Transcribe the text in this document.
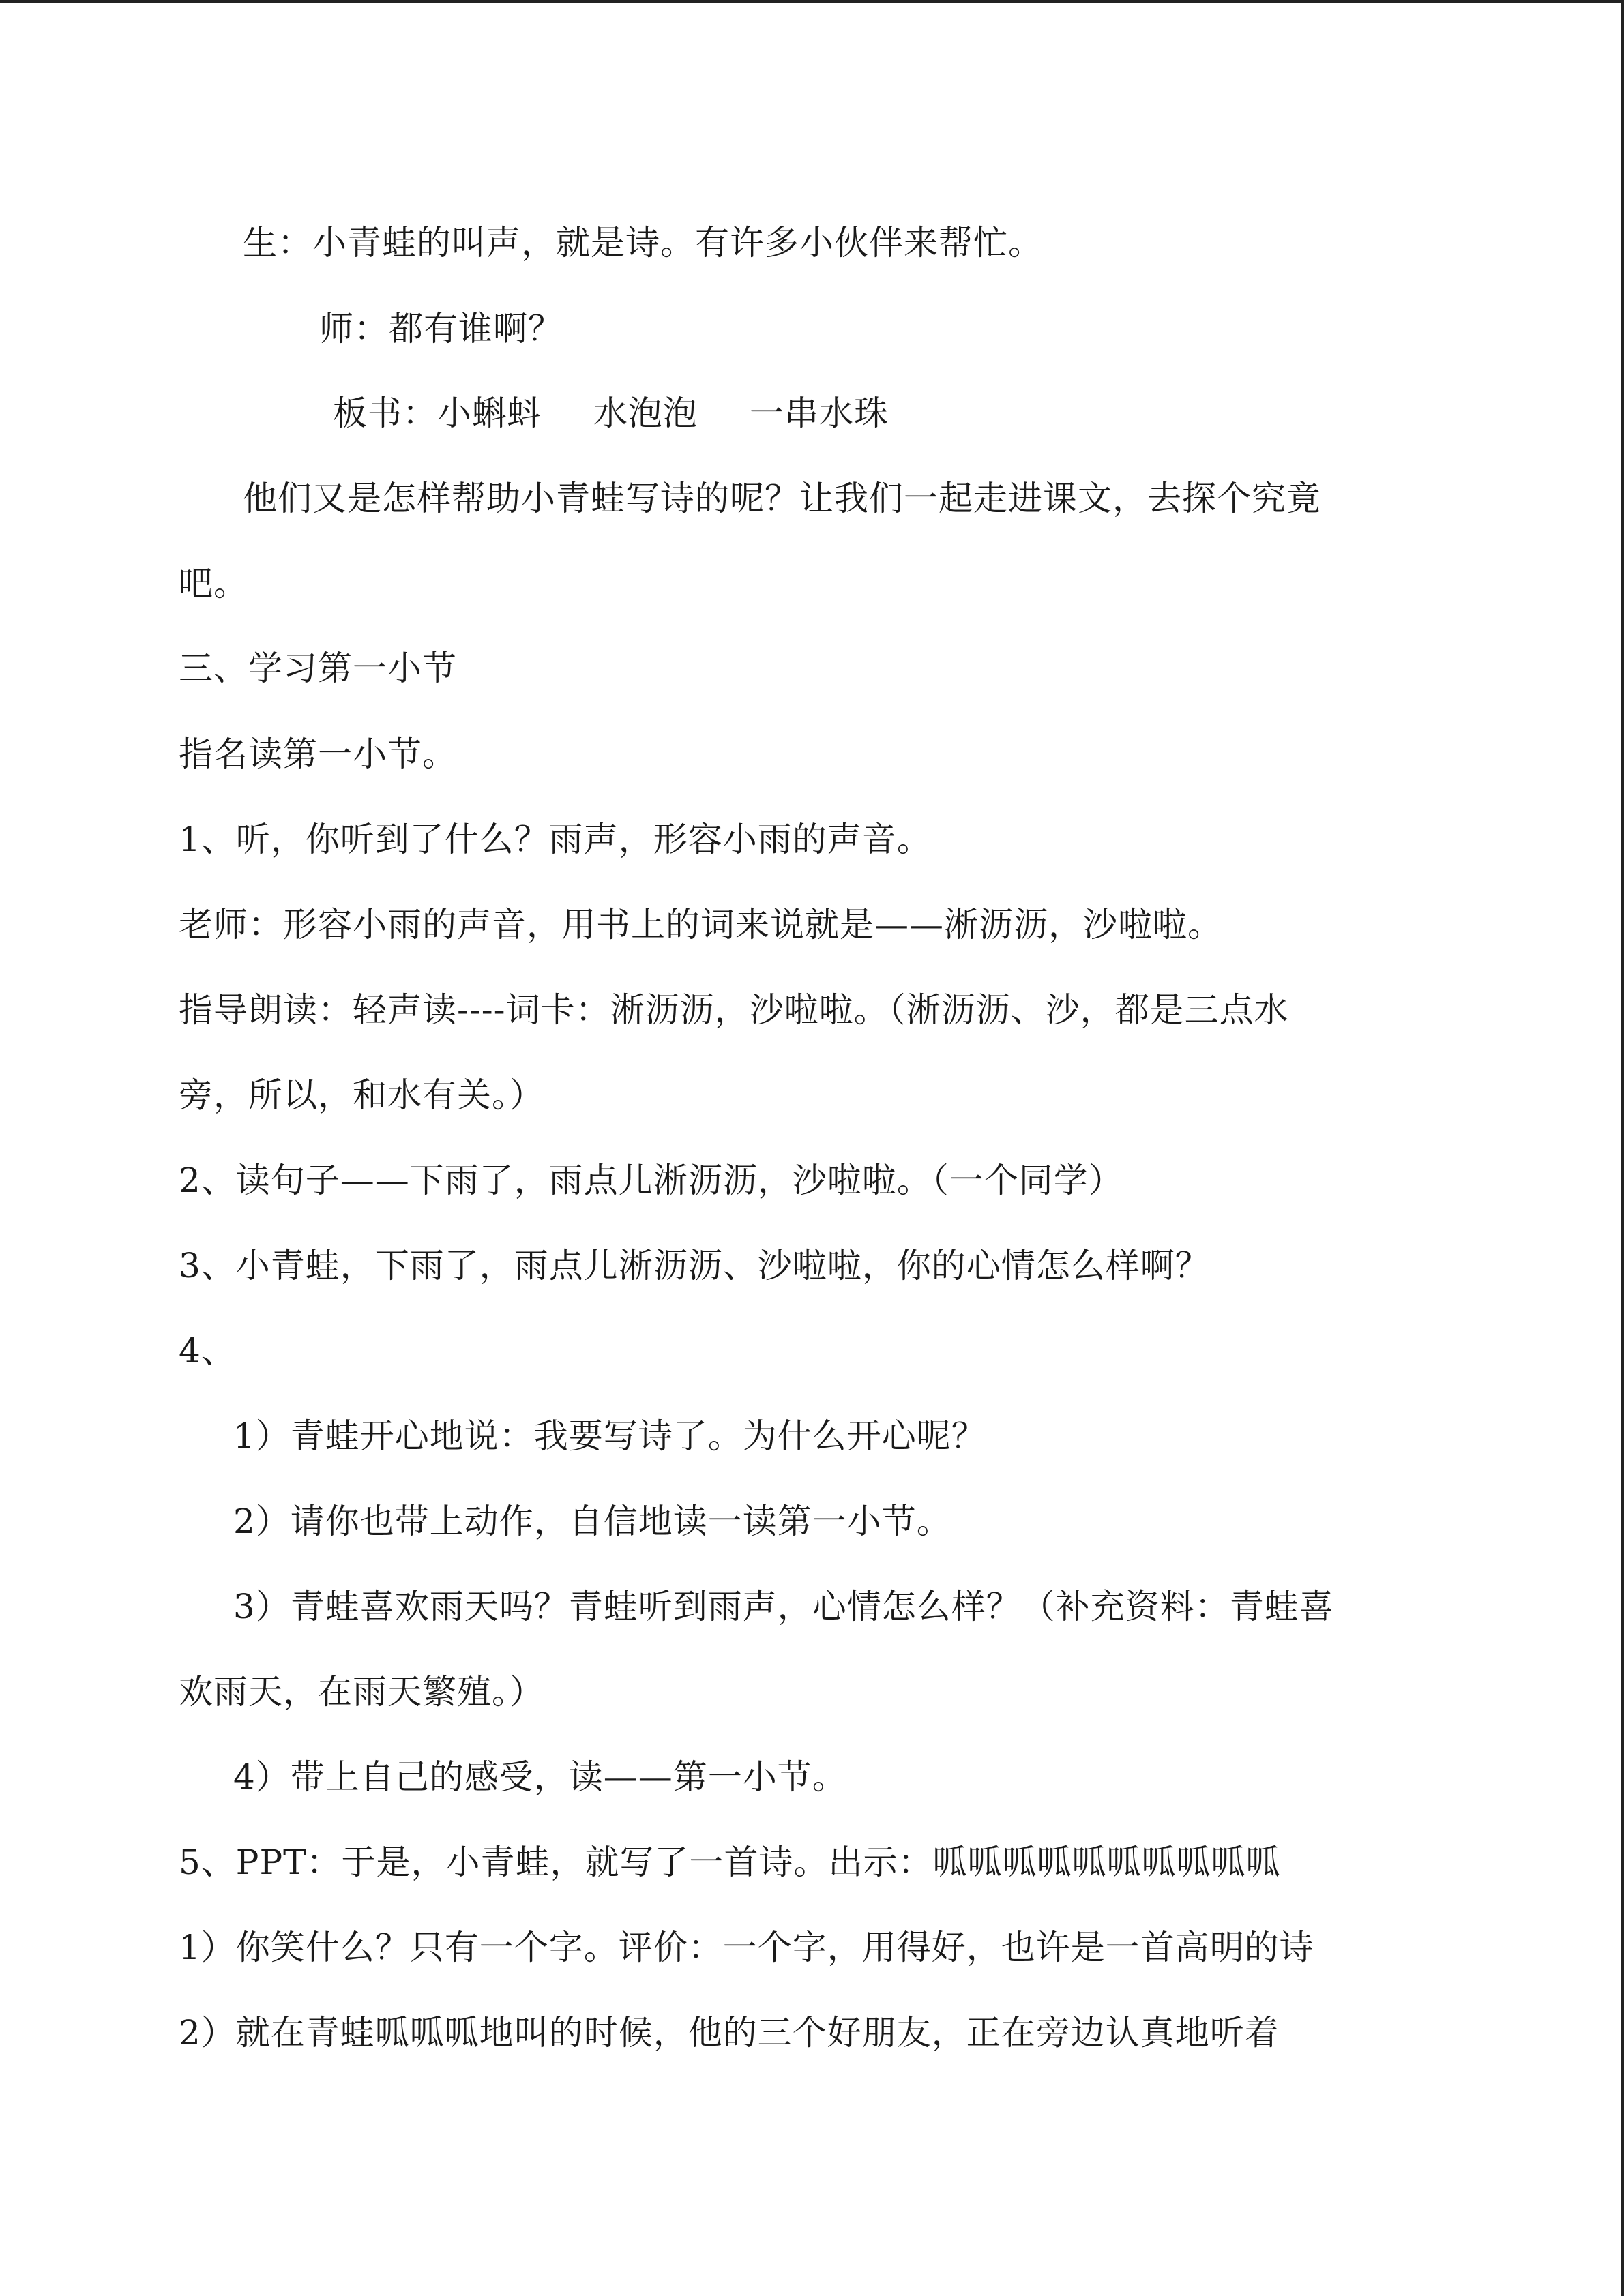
生：小青蛙的叫声，就是诗。有许多小伙伴来帮忙。
师：都有谁啊？
板书：小蝌蚪 水泡泡 一串水珠
他们又是怎样帮助小青蛙写诗的呢？让我们一起走进课文，去探个究竟
吧。
三、学习第一小节
指名读第一小节。
1、听，你听到了什么？雨声，形容小雨的声音。
老师：形容小雨的声音，用书上的词来说就是——淅沥沥，沙啦啦。
指导朗读：轻声读----词卡：淅沥沥，沙啦啦。（淅沥沥、沙，都是三点水
旁，所以，和水有关。）
2、读句子——下雨了，雨点儿淅沥沥，沙啦啦。（一个同学）
3、小青蛙，下雨了，雨点儿淅沥沥、沙啦啦，你的心情怎么样啊？
4、
1）青蛙开心地说：我要写诗了。为什么开心呢？
2）请你也带上动作，自信地读一读第一小节。
3）青蛙喜欢雨天吗？青蛙听到雨声，心情怎么样？（补充资料：青蛙喜
欢雨天，在雨天繁殖。）
4）带上自己的感受，读——第一小节。
5、PPT：于是，小青蛙，就写了一首诗。出示：呱呱呱呱呱呱呱呱呱呱
1）你笑什么？只有一个字。评价：一个字，用得好，也许是一首高明的诗
2）就在青蛙呱呱呱地叫的时候，他的三个好朋友，正在旁边认真地听着
